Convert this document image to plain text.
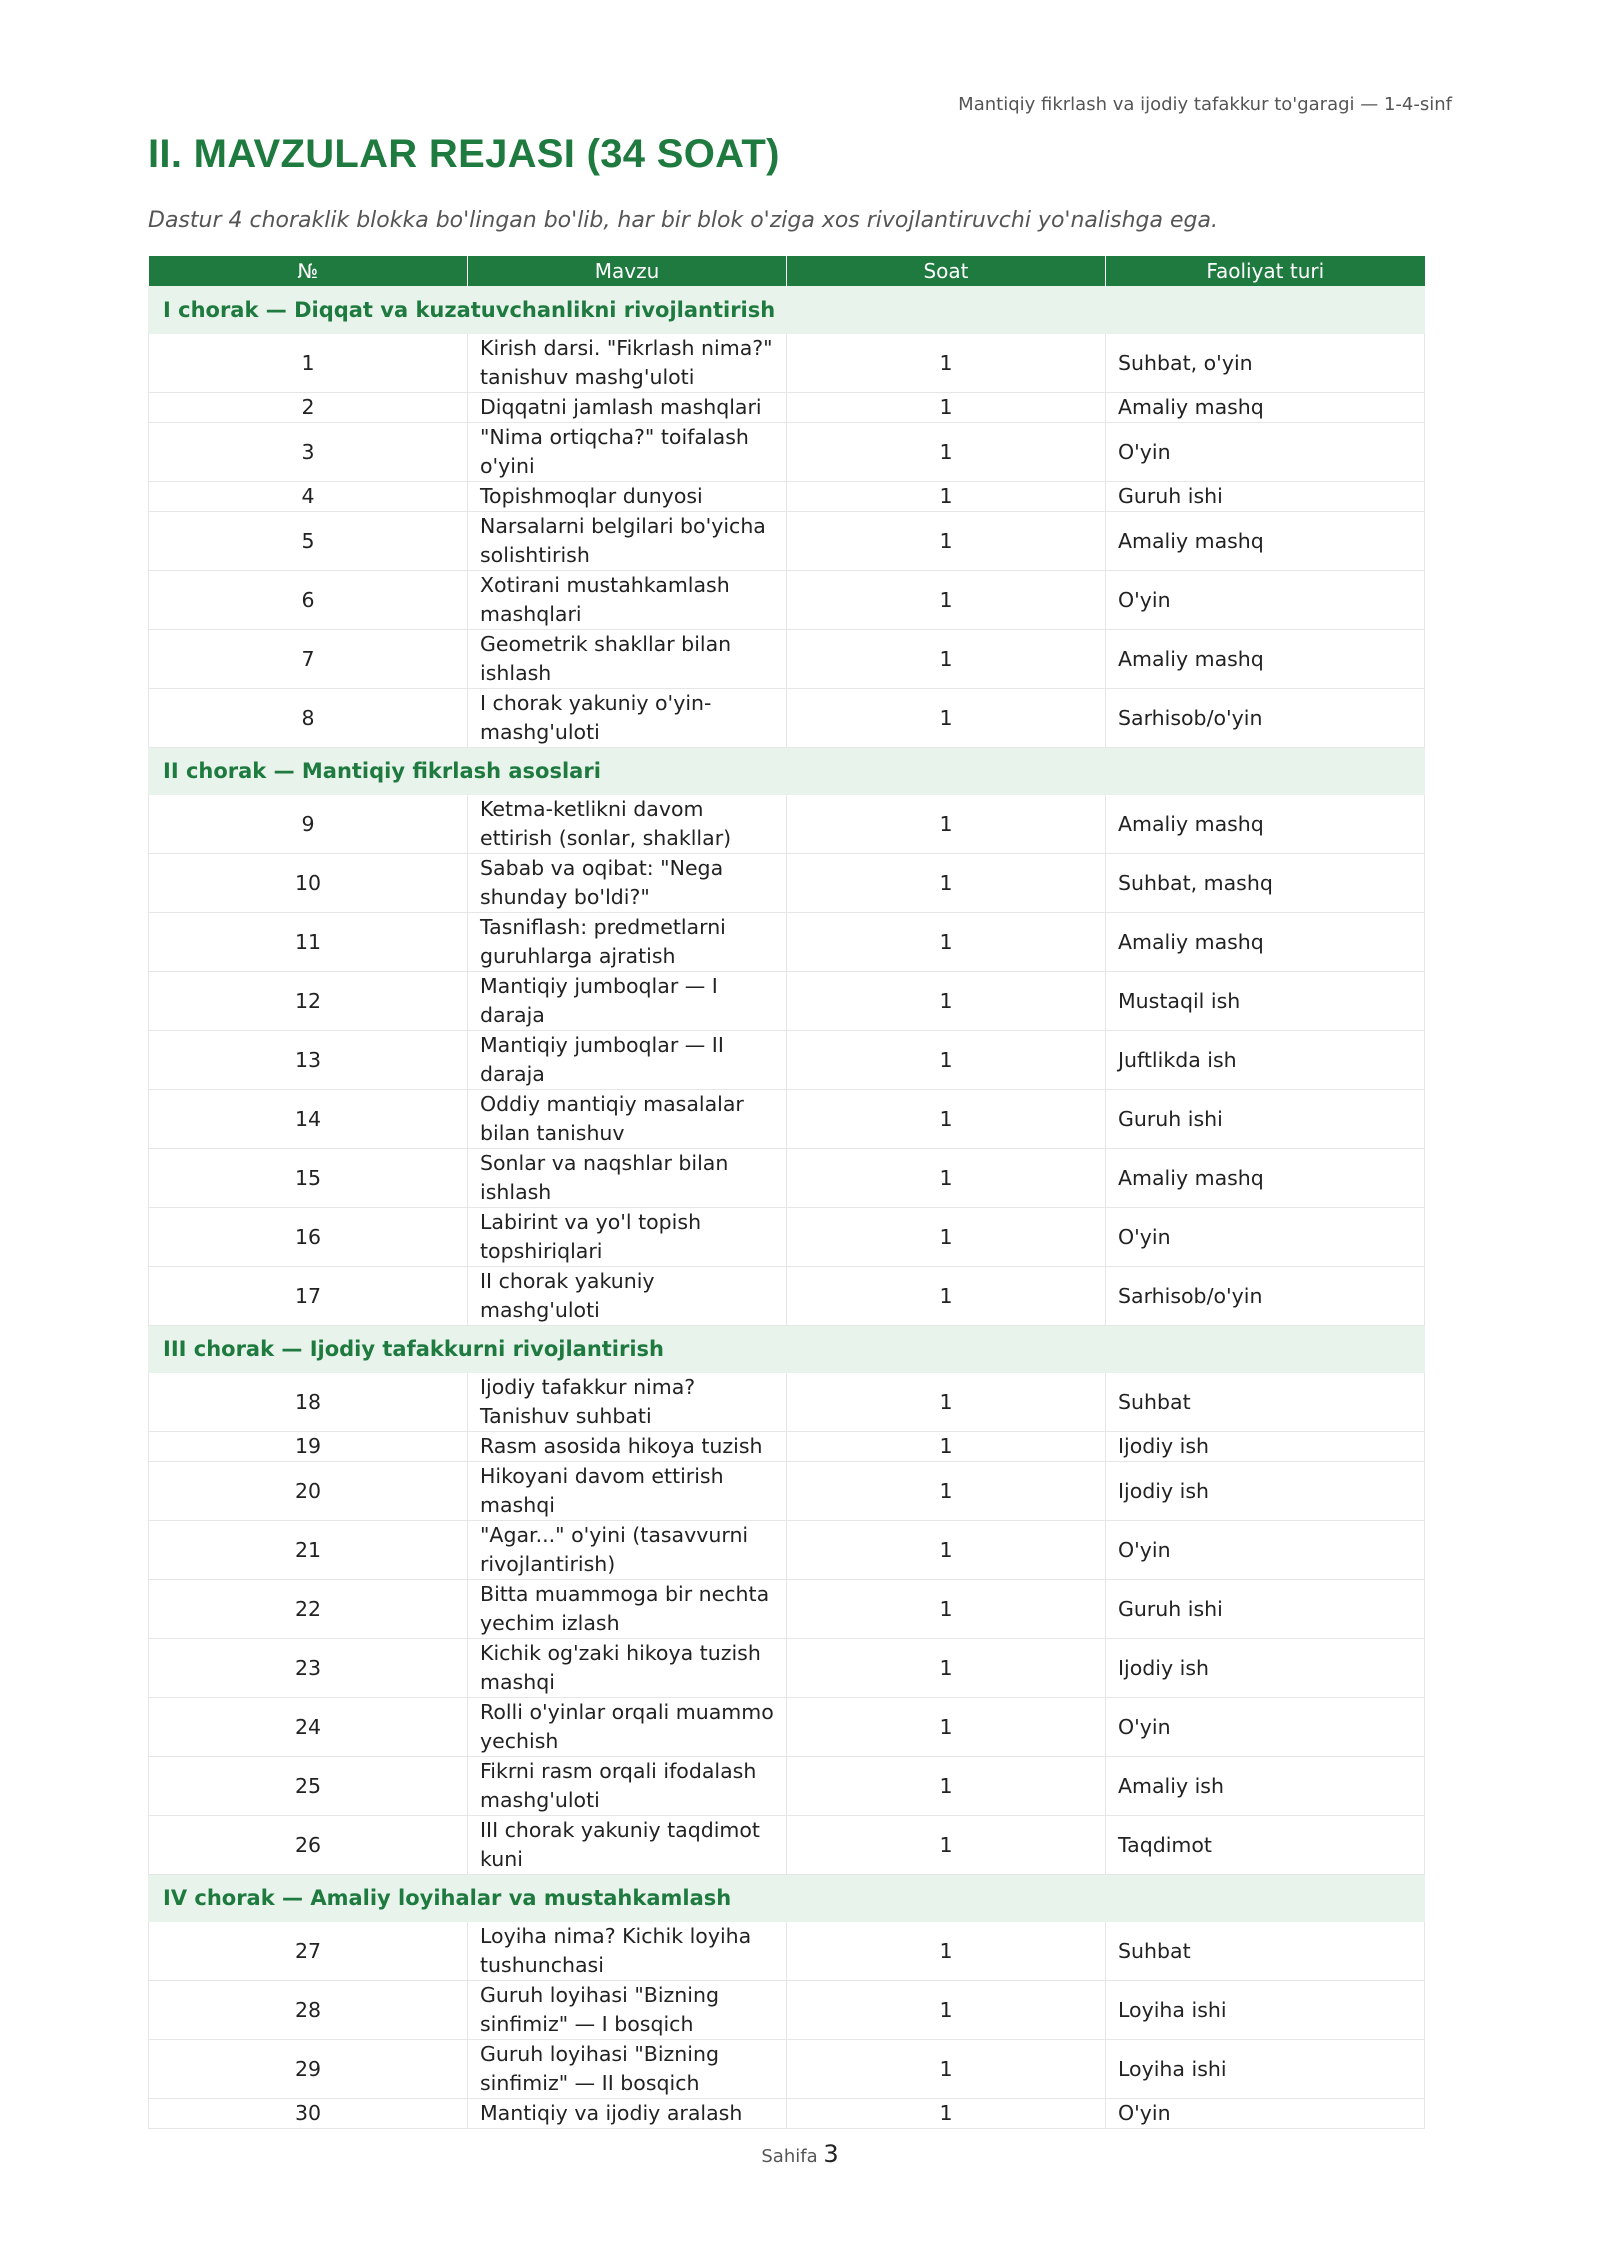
Mantiqiy fikrlash va ijodiy tafakkur to'garagi — 1-4-sinf
II. MAVZULAR REJASI (34 SOAT)

Dastur 4 choraklik blokka bo'lingan bo'lib, har bir blok o'ziga xos rivojlantiruvchi yo'nalishga ega.

№	Mavzu	Soat	Faoliyat turi
I chorak — Diqqat va kuzatuvchanlikni rivojlantirish			
1	Kirish darsi. "Fikrlash nima?" tanishuv mashg'uloti	1	Suhbat, o'yin
2	Diqqatni jamlash mashqlari	1	Amaliy mashq
3	"Nima ortiqcha?" toifalash o'yini	1	O'yin
4	Topishmoqlar dunyosi	1	Guruh ishi
5	Narsalarni belgilari bo'yicha solishtirish	1	Amaliy mashq
6	Xotirani mustahkamlash mashqlari	1	O'yin
7	Geometrik shakllar bilan ishlash	1	Amaliy mashq
8	I chorak yakuniy o'yin-mashg'uloti	1	Sarhisob/o'yin
II chorak — Mantiqiy fikrlash asoslari			
9	Ketma-ketlikni davom ettirish (sonlar, shakllar)	1	Amaliy mashq
10	Sabab va oqibat: "Nega shunday bo'ldi?"	1	Suhbat, mashq
11	Tasniflash: predmetlarni guruhlarga ajratish	1	Amaliy mashq
12	Mantiqiy jumboqlar — I daraja	1	Mustaqil ish
13	Mantiqiy jumboqlar — II daraja	1	Juftlikda ish
14	Oddiy mantiqiy masalalar bilan tanishuv	1	Guruh ishi
15	Sonlar va naqshlar bilan ishlash	1	Amaliy mashq
16	Labirint va yo'l topish topshiriqlari	1	O'yin
17	II chorak yakuniy mashg'uloti	1	Sarhisob/o'yin
III chorak — Ijodiy tafakkurni rivojlantirish			
18	Ijodiy tafakkur nima? Tanishuv suhbati	1	Suhbat
19	Rasm asosida hikoya tuzish	1	Ijodiy ish
20	Hikoyani davom ettirish mashqi	1	Ijodiy ish
21	"Agar..." o'yini (tasavvurni rivojlantirish)	1	O'yin
22	Bitta muammoga bir nechta yechim izlash	1	Guruh ishi
23	Kichik og'zaki hikoya tuzish mashqi	1	Ijodiy ish
24	Rolli o'yinlar orqali muammo yechish	1	O'yin
25	Fikrni rasm orqali ifodalash mashg'uloti	1	Amaliy ish
26	III chorak yakuniy taqdimot kuni	1	Taqdimot
IV chorak — Amaliy loyihalar va mustahkamlash			
27	Loyiha nima? Kichik loyiha tushunchasi	1	Suhbat
28	Guruh loyihasi "Bizning sinfimiz" — I bosqich	1	Loyiha ishi
29	Guruh loyihasi "Bizning sinfimiz" — II bosqich	1	Loyiha ishi
30	Mantiqiy va ijodiy aralash	1	O'yin
Sahifa 3
